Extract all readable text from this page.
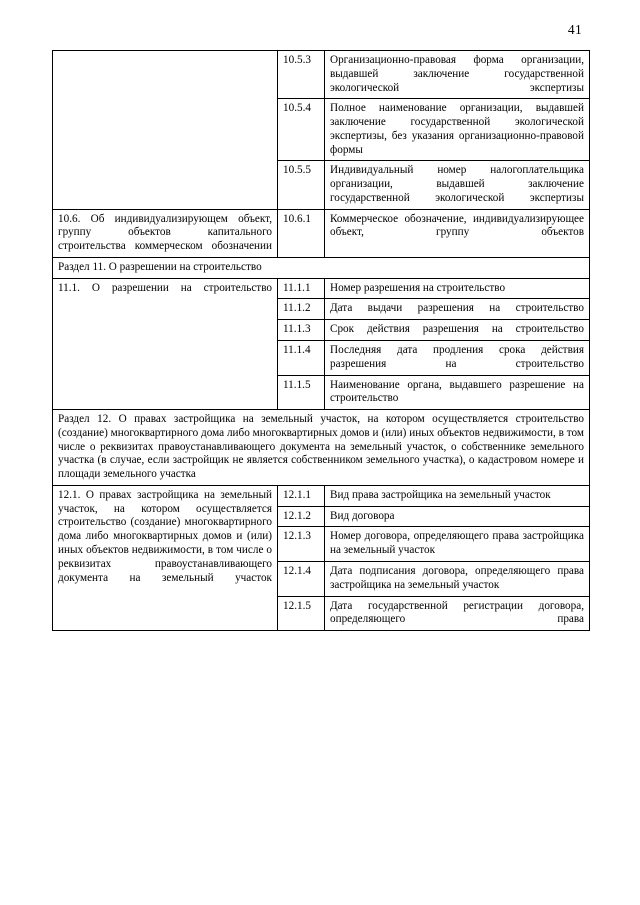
41
	10.5.3	Организационно-правовая форма организации, выдавшей заключение государственной экологической экспертизы
	10.5.4	Полное наименование организации, выдавшей заключение государственной экологической экспертизы, без указания организационно-правовой формы
	10.5.5	Индивидуальный номер налогоплательщика организации, выдавшей заключение государственной экологической экспертизы
10.6. Об индивидуализирующем объект, группу объектов капитального строительства коммерческом обозначении	10.6.1	Коммерческое обозначение, индивидуализирующее объект, группу объектов
Раздел 11. О разрешении на строительство		
11.1. О разрешении на строительство	11.1.1	Номер разрешения на строительство
	11.1.2	Дата выдачи разрешения на строительство
	11.1.3	Срок действия разрешения на строительство
	11.1.4	Последняя дата продления срока действия разрешения на строительство
	11.1.5	Наименование органа, выдавшего разрешение на строительство
Раздел 12. О правах застройщика на земельный участок, на котором осуществляется строительство (создание) многоквартирного дома либо многоквартирных домов и (или) иных объектов недвижимости, в том числе о реквизитах правоустанавливающего документа на земельный участок, о собственнике земельного участка (в случае, если застройщик не является собственником земельного участка), о кадастровом номере и площади земельного участка		
12.1. О правах застройщика на земельный участок, на котором осуществляется строительство (создание) многоквартирного дома либо многоквартирных домов и (или) иных объектов недвижимости, в том числе о реквизитах правоустанавливающего документа на земельный участок	12.1.1	Вид права застройщика на земельный участок
	12.1.2	Вид договора
	12.1.3	Номер договора, определяющего права застройщика на земельный участок
	12.1.4	Дата подписания договора, определяющего права застройщика на земельный участок
	12.1.5	Дата государственной регистрации договора, определяющего права
